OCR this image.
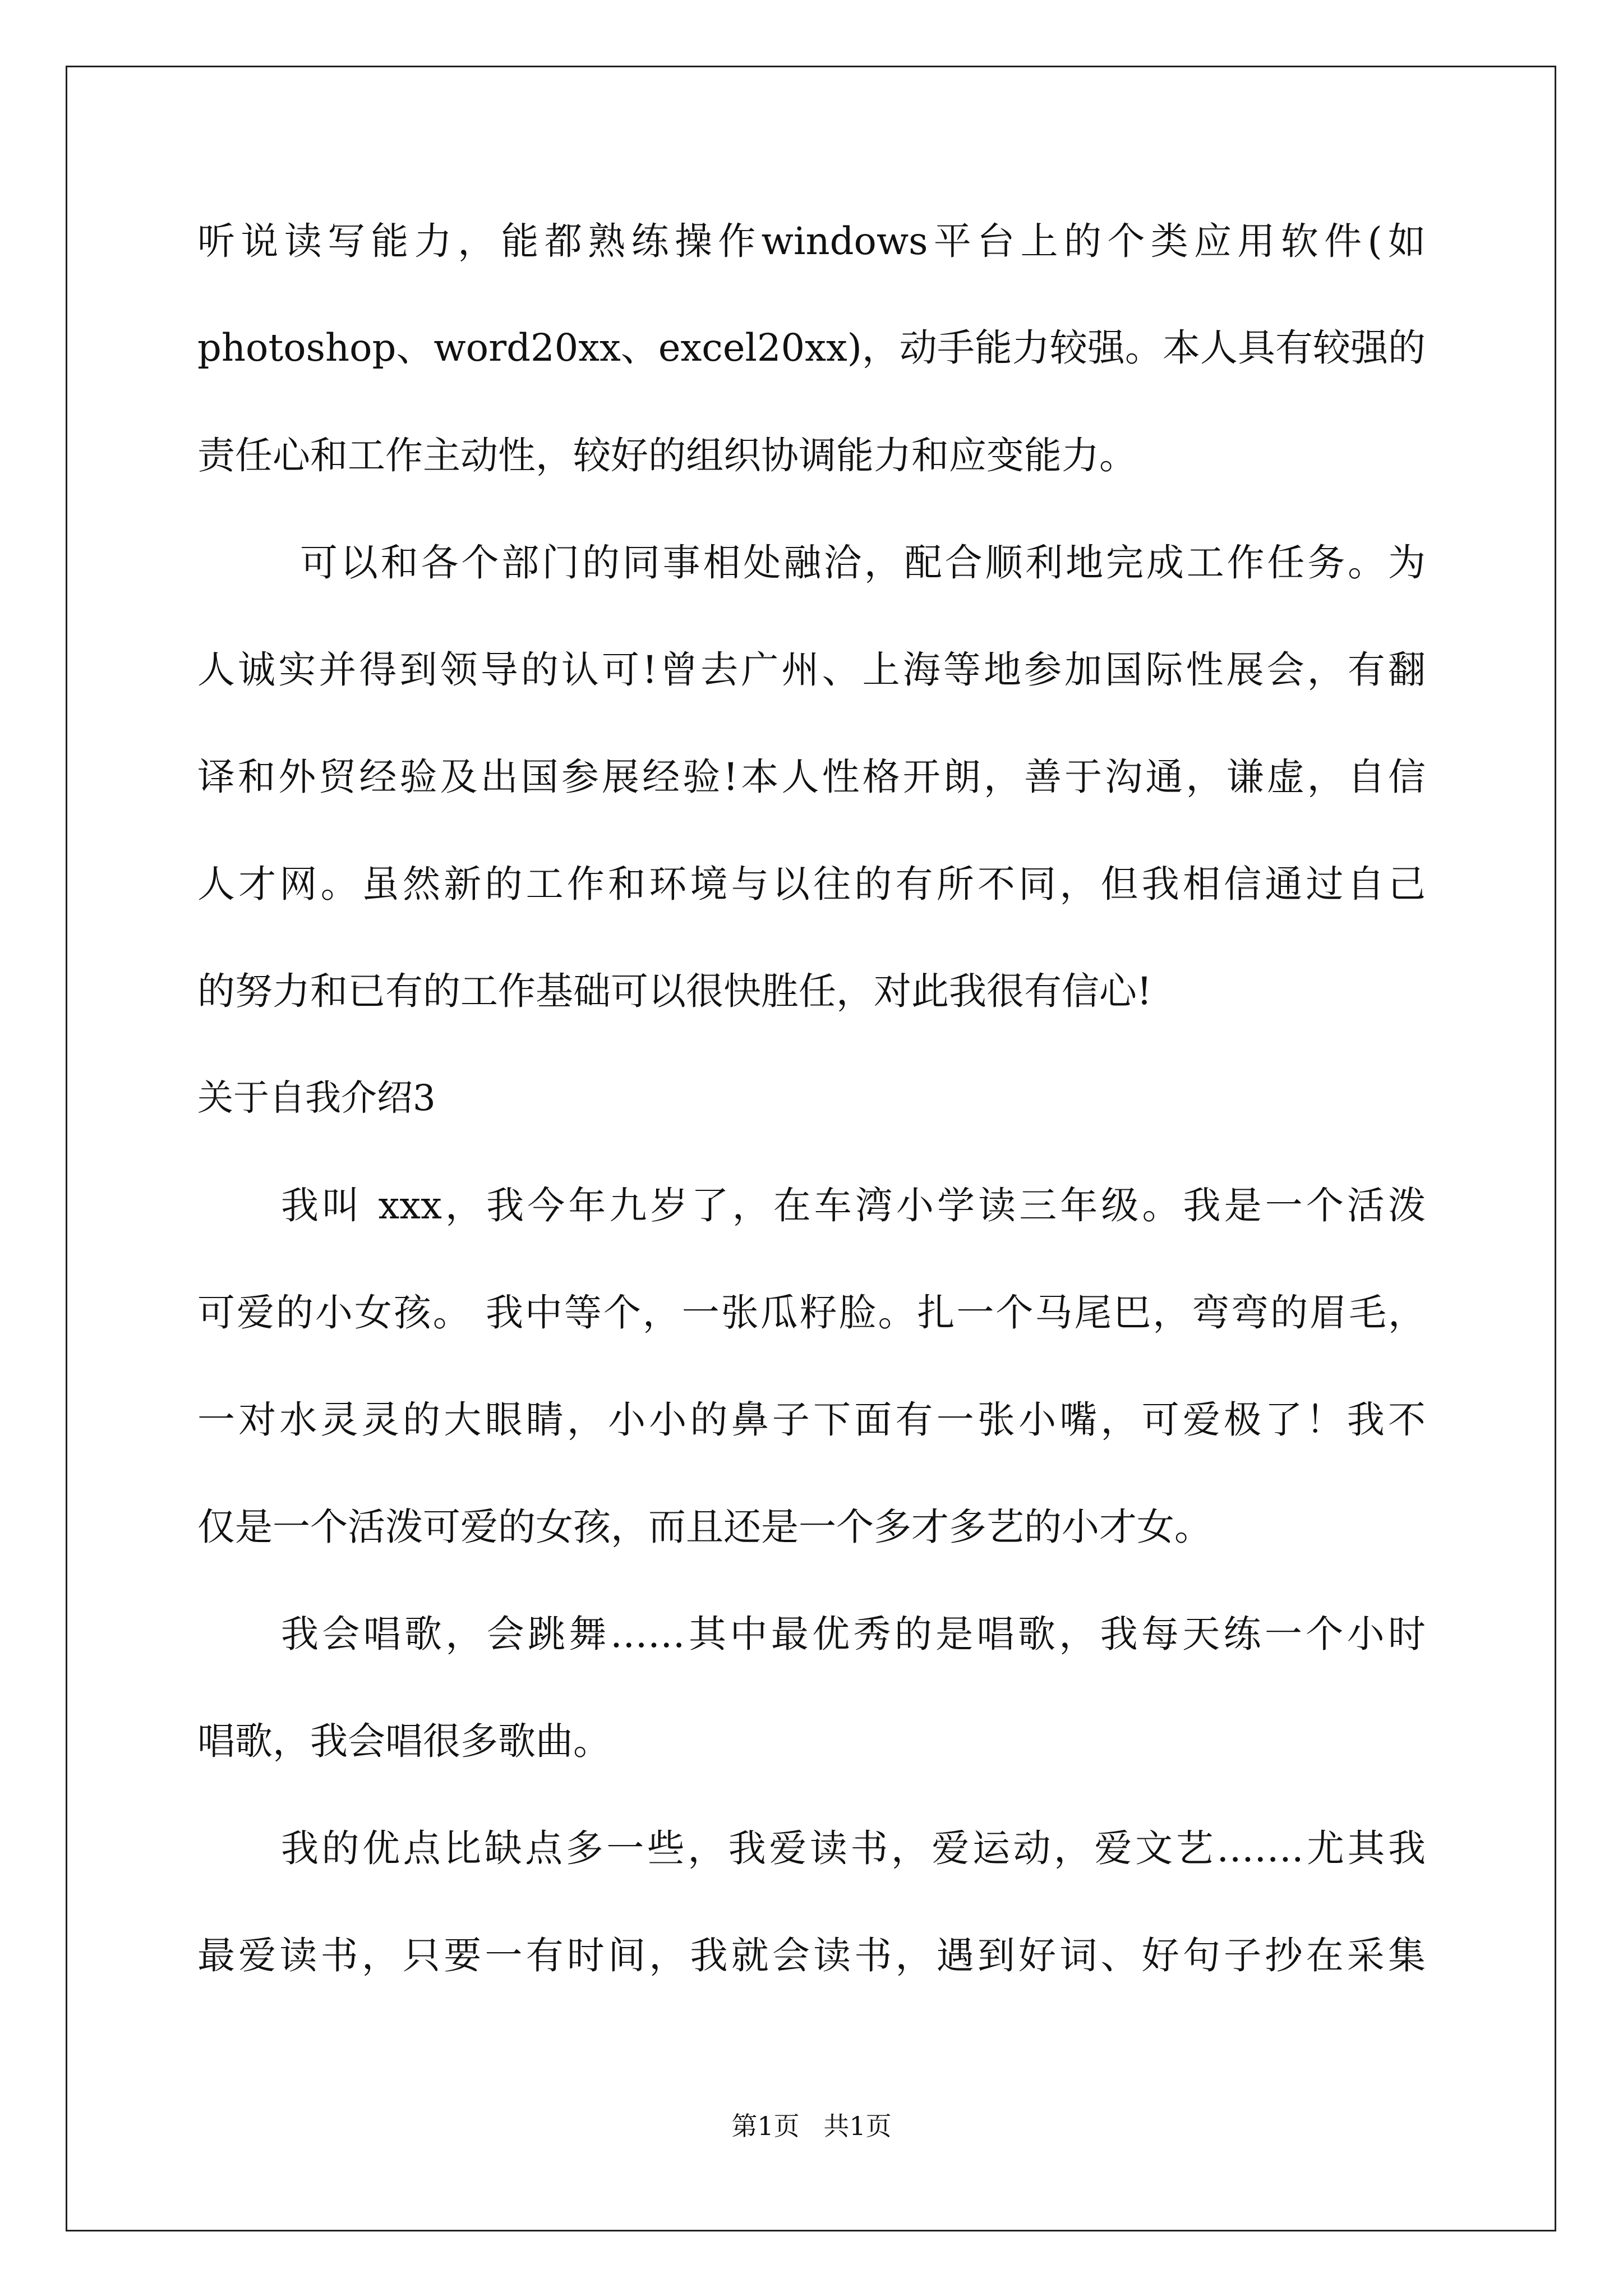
听说读写能力，能都熟练操作windows平台上的个类应用软件(如
photoshop、word20xx、excel20xx)，动手能力较强。本人具有较强的
责任心和工作主动性，较好的组织协调能力和应变能力。
可以和各个部门的同事相处融洽，配合顺利地完成工作任务。为
人诚实并得到领导的认可!曾去广州、上海等地参加国际性展会，有翻
译和外贸经验及出国参展经验!本人性格开朗，善于沟通，谦虚，自信
人才网。虽然新的工作和环境与以往的有所不同，但我相信通过自己
的努力和已有的工作基础可以很快胜任，对此我很有信心!
关于自我介绍3
我叫 xxx，我今年九岁了，在车湾小学读三年级。我是一个活泼
可爱的小女孩。 我中等个，一张瓜籽脸。扎一个马尾巴，弯弯的眉毛，
一对水灵灵的大眼睛，小小的鼻子下面有一张小嘴，可爱极了！我不
仅是一个活泼可爱的女孩，而且还是一个多才多艺的小才女。
我会唱歌，会跳舞……其中最优秀的是唱歌，我每天练一个小时
唱歌，我会唱很多歌曲。
我的优点比缺点多一些，我爱读书，爱运动，爱文艺…….尤其我
最爱读书，只要一有时间，我就会读书，遇到好词、好句子抄在采集
第1页 共1页
